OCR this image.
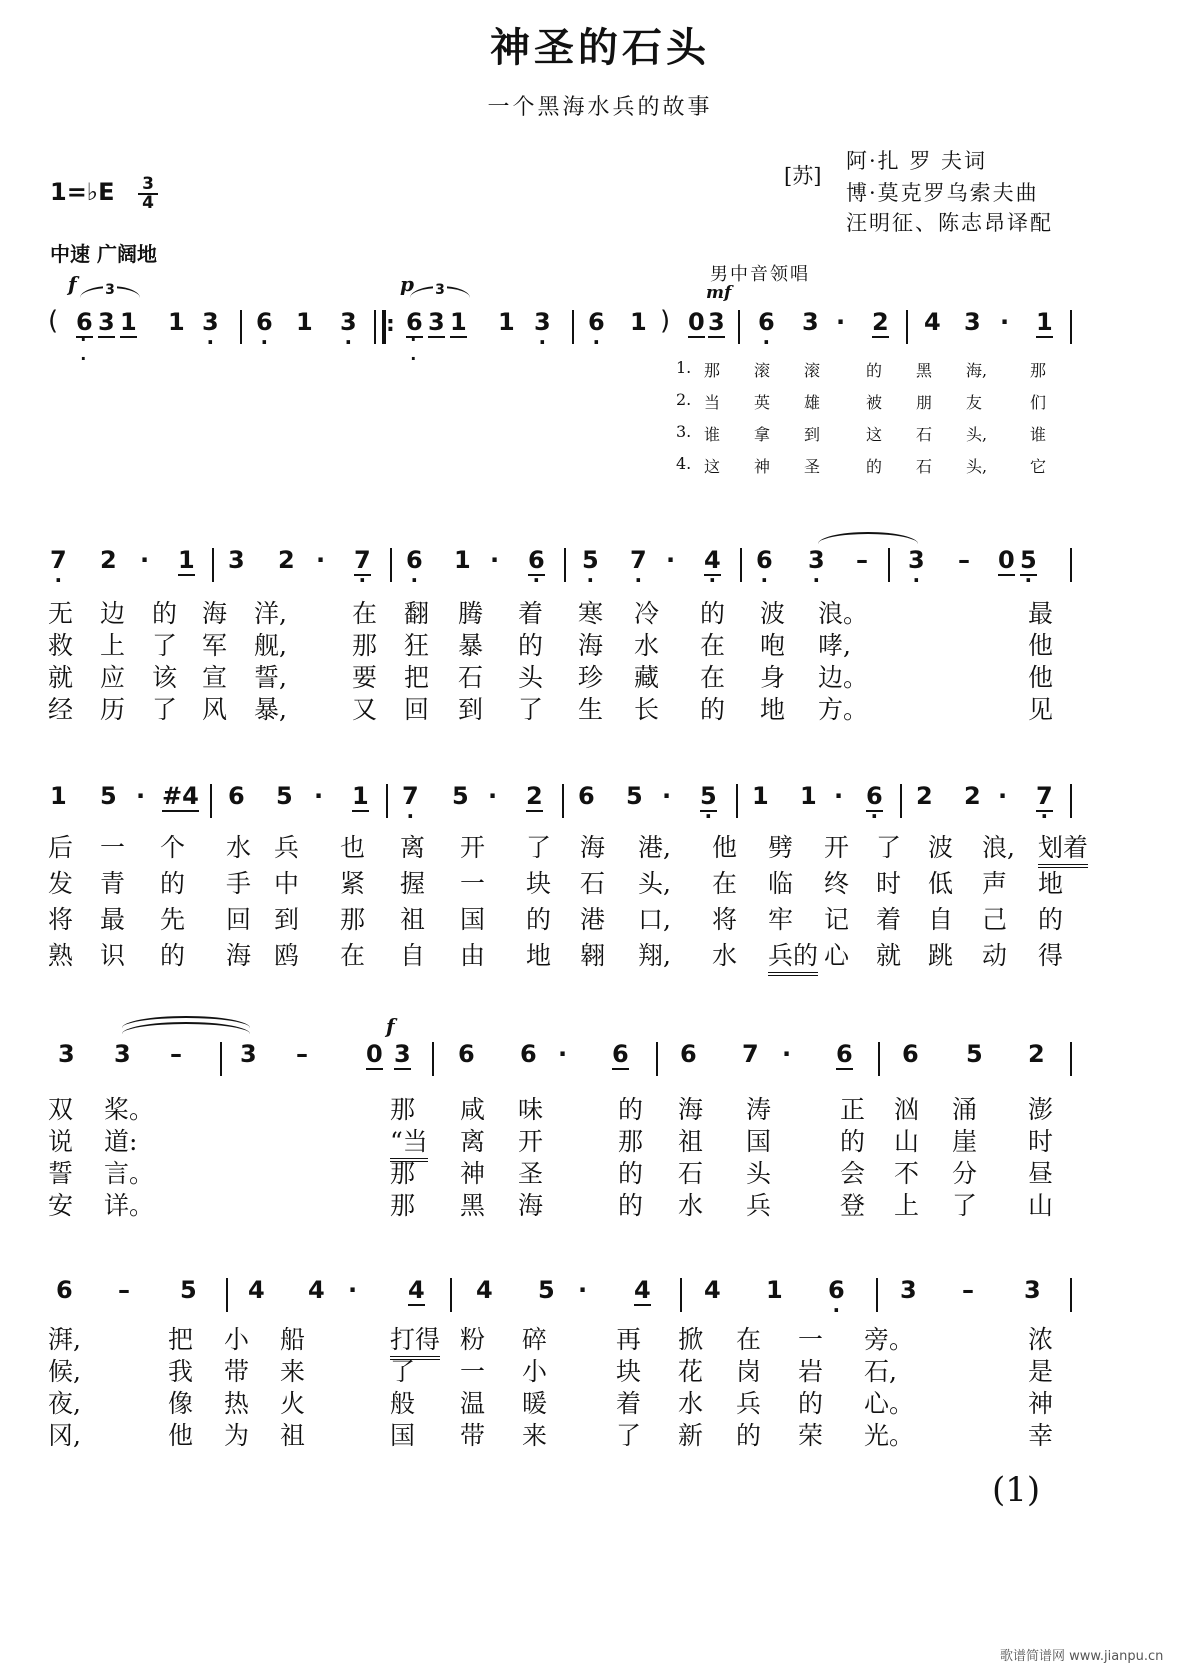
神圣的石头
一个黑海水兵的故事
1=♭E 3
4
中速 广阔地
[苏]
阿·扎 罗 夫词
博·莫克罗乌索夫曲
汪明征、陈志昂译配
f	3	p	3
男中音领唱
mf
( 6 · · 3 1 1 3 · 6 · 1 3 ·
: 6 · · 3 1 1 3 · 6 · 1 ) 0 3 6 · 3 · 2 4 3 · 1
1. 那 滚 滚	的 黑 海,	那
2. 当 英 雄	被 朋 友	们
3. 谁 拿 到	这 石 头,	谁
4. 这 神 圣	的 石 头,	它
7 · 2 · 1 3 2 · 7 · 6 · 1 · 6 · 5 · 7 · · 4 · 6 · 3 · – 3 · – 0 5 ·
无 边 的 海 洋,	在 翻 腾 着 寒 冷 的 波 浪。	最
救 上 了 军 舰,	那 狂 暴 的 海 水 在 咆 哮,	他
就 应 该 宣 誓,	要 把 石 头 珍 藏 在 身 边。	他
经 历 了 风 暴,	又 回 到 了 生 长 的 地 方。	见
1 5 · #4 6 5 · 1 7 · 5 · 2 6 5 · 5 · 1 1 · 6 · 2 2 · 7 ·
后 一 个 水 兵 也 离 开 了 海 港, 他 劈 开 了 波 浪, 划着
发 青 的 手 中 紧 握 一 块 石 头, 在 临 终 时 低 声 地
将 最 先 回 到 那 祖 国 的 港 口, 将 牢 记 着 自 己 的
熟 识 的 海 鸥 在 自 由 地 翱 翔, 水 兵的 心 就 跳 动 得
f
3 3 – 3 – 0 3 6 6 · 6 6 7 · 6 6 5 2
双 桨。	那 咸 味	的 海 涛	正 汹 涌 澎
说 道:	“当 离 开	那 祖 国	的 山 崖 时
誓 言。	那 神 圣	的 石 头	会 不 分 昼
安 详。	那 黑 海	的 水 兵	登 上 了 山
6 – 5 4 4 · 4 4 5 · 4 4 1 6 · 3 – 3
湃,	把 小 船	打得 粉 碎	再 掀 在 一 旁。	浓
候,	我 带 来	了 一 小	块 花 岗 岩 石,	是
夜,	像 热 火	般 温 暖	着 水 兵 的 心。	神
冈,	他 为 祖	国 带 来	了 新 的 荣 光。	幸
(1)
歌谱简谱网 www.jianpu.cn
